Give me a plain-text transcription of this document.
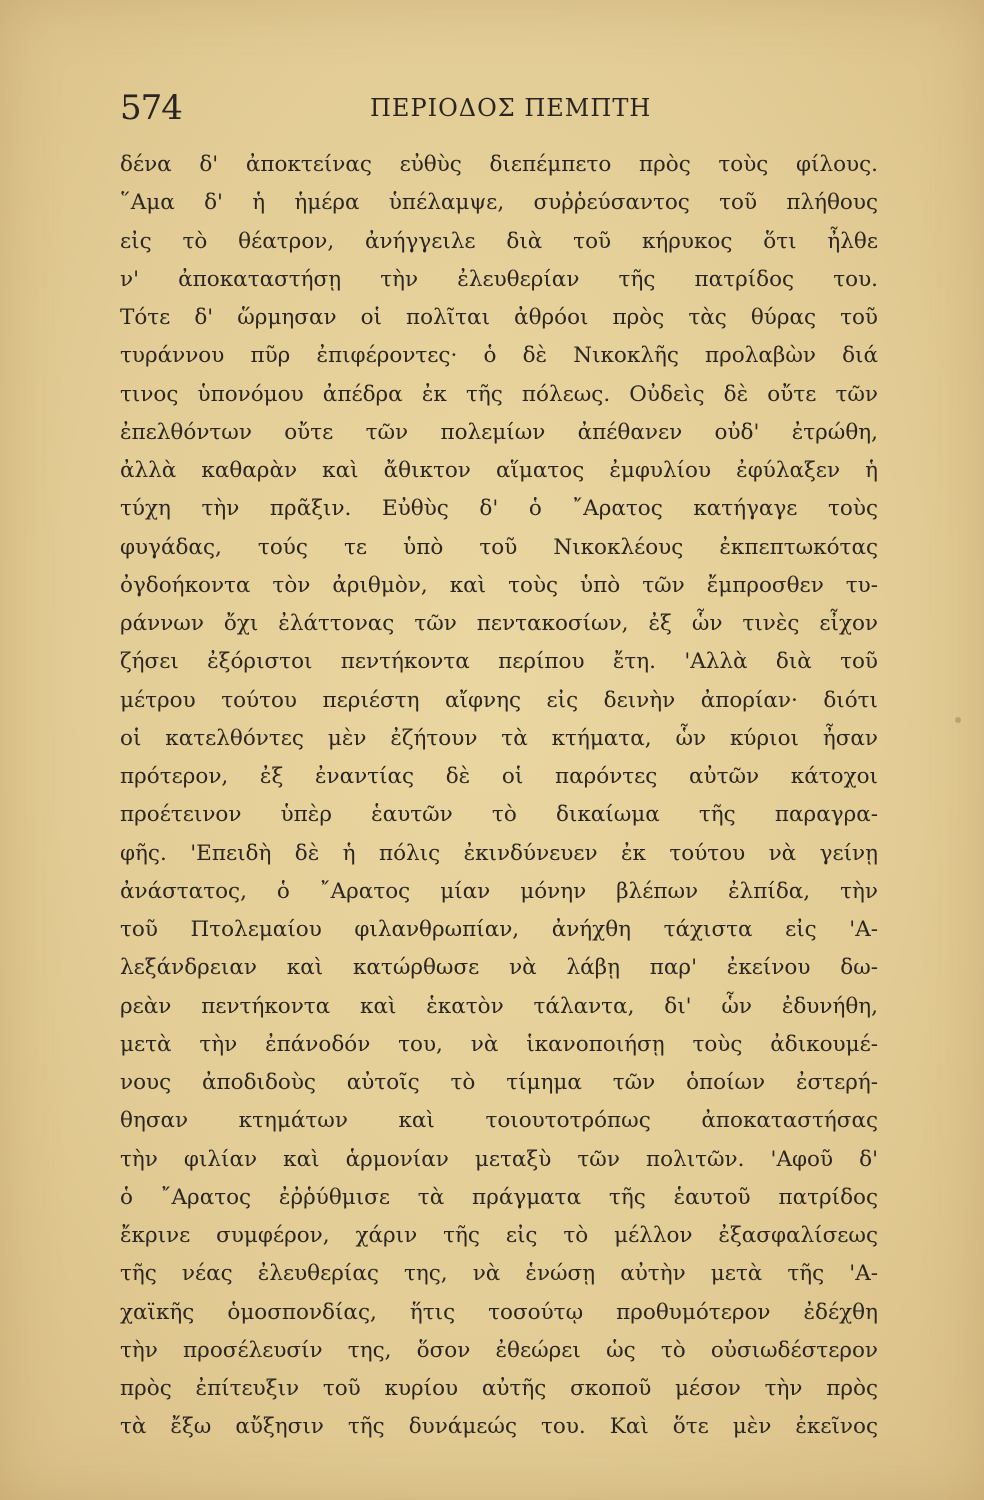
574	ΠΕΡΙΟΔΟΣ ΠΕΜΠΤΗ
δένα δ' ἀποκτείνας εὐθὺς διεπέμπετο πρὸς τοὺς φίλους.
῞Αμα δ' ἡ ἡμέρα ὑπέλαμψε, συῤῥεύσαντος τοῦ πλήθους
εἰς τὸ θέατρον, ἀνήγγειλε διὰ τοῦ κήρυκος ὅτι ἦλθε
ν' ἀποκαταστήσῃ τὴν ἐλευθερίαν τῆς πατρίδος του.
Τότε δ' ὥρμησαν οἱ πολῖται ἀθρόοι πρὸς τὰς θύρας τοῦ
τυράννου πῦρ ἐπιφέροντες· ὁ δὲ Νικοκλῆς προλαβὼν διά
τινος ὑπονόμου ἀπέδρα ἐκ τῆς πόλεως. Οὐδεὶς δὲ οὔτε τῶν
ἐπελθόντων οὔτε τῶν πολεμίων ἀπέθανεν οὐδ' ἐτρώθη,
ἀλλὰ καθαρὰν καὶ ἄθικτον αἵματος ἐμφυλίου ἐφύλαξεν ἡ
τύχη τὴν πρᾶξιν. Εὐθὺς δ' ὁ ῎Αρατος κατήγαγε τοὺς
φυγάδας, τούς τε ὑπὸ τοῦ Νικοκλέους ἐκπεπτωκότας
ὀγδοήκοντα τὸν ἀριθμὸν, καὶ τοὺς ὑπὸ τῶν ἔμπροσθεν τυ-
ράννων ὄχι ἐλάττονας τῶν πεντακοσίων, ἐξ ὧν τινὲς εἶχον
ζήσει ἐξόριστοι πεντήκοντα περίπου ἔτη. 'Αλλὰ διὰ τοῦ
μέτρου τούτου περιέστη αἴφνης εἰς δεινὴν ἀπορίαν· διότι
οἱ κατελθόντες μὲν ἐζήτουν τὰ κτήματα, ὧν κύριοι ἦσαν
πρότερον, ἐξ ἐναντίας δὲ οἱ παρόντες αὐτῶν κάτοχοι
προέτεινον ὑπὲρ ἑαυτῶν τὸ δικαίωμα τῆς παραγρα-
φῆς. 'Επειδὴ δὲ ἡ πόλις ἐκινδύνευεν ἐκ τούτου νὰ γείνῃ
ἀνάστατος, ὁ ῎Αρατος μίαν μόνην βλέπων ἐλπίδα, τὴν
τοῦ Πτολεμαίου φιλανθρωπίαν, ἀνήχθη τάχιστα εἰς 'Α-
λεξάνδρειαν καὶ κατώρθωσε νὰ λάβῃ παρ' ἐκείνου δω-
ρεὰν πεντήκοντα καὶ ἑκατὸν τάλαντα, δι' ὧν ἐδυνήθη,
μετὰ τὴν ἐπάνοδόν του, νὰ ἱκανοποιήσῃ τοὺς ἀδικουμέ-
νους ἀποδιδοὺς αὐτοῖς τὸ τίμημα τῶν ὁποίων ἐστερή-
θησαν κτημάτων καὶ τοιουτοτρόπως ἀποκαταστήσας
τὴν φιλίαν καὶ ἁρμονίαν μεταξὺ τῶν πολιτῶν. 'Αφοῦ δ'
ὁ ῎Αρατος ἐῤῥύθμισε τὰ πράγματα τῆς ἑαυτοῦ πατρίδος
ἔκρινε συμφέρον, χάριν τῆς εἰς τὸ μέλλον ἐξασφαλίσεως
τῆς νέας ἐλευθερίας της, νὰ ἑνώσῃ αὐτὴν μετὰ τῆς 'Α-
χαϊκῆς ὁμοσπονδίας, ἥτις τοσούτῳ προθυμότερον ἐδέχθη
τὴν προσέλευσίν της, ὅσον ἐθεώρει ὡς τὸ οὐσιωδέστερον
πρὸς ἐπίτευξιν τοῦ κυρίου αὐτῆς σκοποῦ μέσον τὴν πρὸς
τὰ ἔξω αὔξησιν τῆς δυνάμεώς του. Καὶ ὅτε μὲν ἐκεῖνος
